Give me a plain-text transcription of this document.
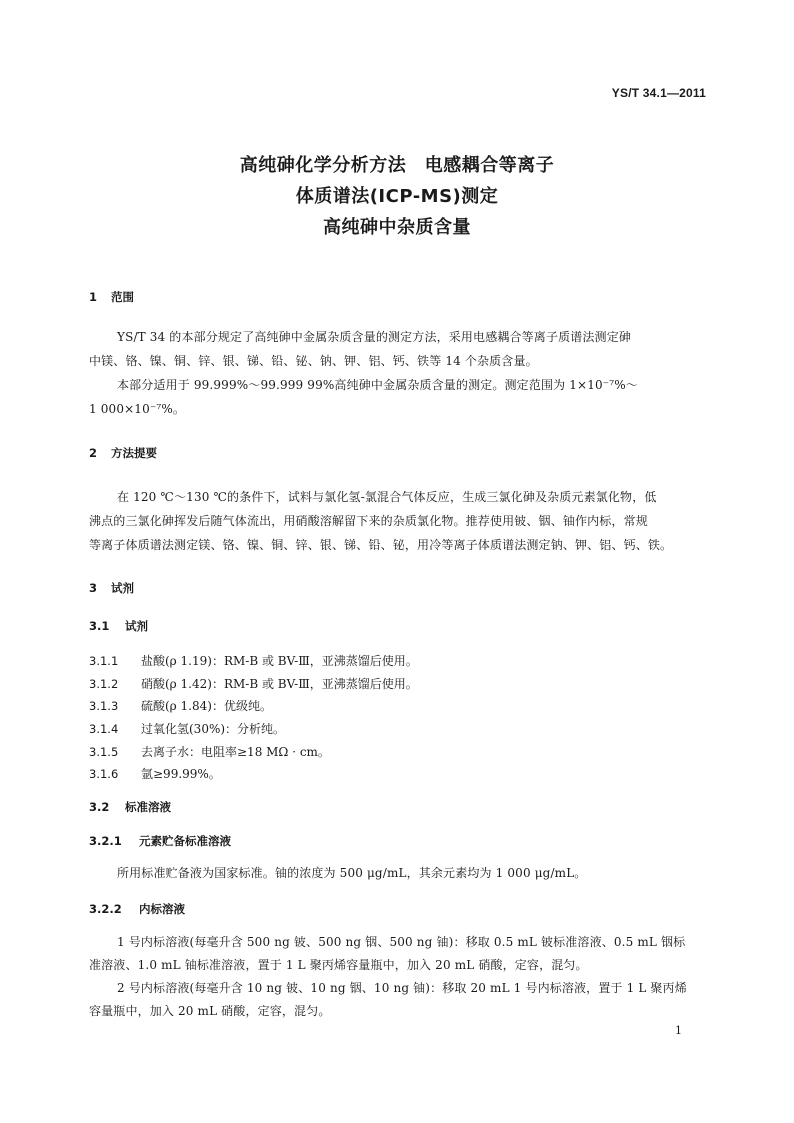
YS/T 34.1—2011
高纯砷化学分析方法　电感耦合等离子
体质谱法(ICP-MS)测定
高纯砷中杂质含量
1 范围
YS/T 34 的本部分规定了高纯砷中金属杂质含量的测定方法，采用电感耦合等离子质谱法测定砷
中镁、铬、镍、铜、锌、银、锑、铅、铋、钠、钾、铝、钙、铁等 14 个杂质含量。
本部分适用于 99.999%～99.999 99%高纯砷中金属杂质含量的测定。测定范围为 1×10⁻⁷%～
1 000×10⁻⁷%。
2 方法提要
在 120 ℃～130 ℃的条件下，试料与氯化氢-氯混合气体反应，生成三氯化砷及杂质元素氯化物，低
沸点的三氯化砷挥发后随气体流出，用硝酸溶解留下来的杂质氯化物。推荐使用铍、铟、铀作内标，常规
等离子体质谱法测定镁、铬、镍、铜、锌、银、锑、铅、铋，用冷等离子体质谱法测定钠、钾、铝、钙、铁。
3 试剂
3.1 试剂
3.1.1 盐酸(ρ 1.19)：RM-B 或 BV-Ⅲ，亚沸蒸馏后使用。
3.1.2 硝酸(ρ 1.42)：RM-B 或 BV-Ⅲ，亚沸蒸馏后使用。
3.1.3 硫酸(ρ 1.84)：优级纯。
3.1.4 过氧化氢(30%)：分析纯。
3.1.5 去离子水：电阻率≥18 MΩ · cm。
3.1.6 氩≥99.99%。
3.2 标准溶液
3.2.1 元素贮备标准溶液
所用标准贮备液为国家标准。铀的浓度为 500 μg/mL，其余元素均为 1 000 μg/mL。
3.2.2 内标溶液
1 号内标溶液(每毫升含 500 ng 铍、500 ng 铟、500 ng 铀)：移取 0.5 mL 铍标准溶液、0.5 mL 铟标
准溶液、1.0 mL 铀标准溶液，置于 1 L 聚丙烯容量瓶中，加入 20 mL 硝酸，定容，混匀。
2 号内标溶液(每毫升含 10 ng 铍、10 ng 铟、10 ng 铀)：移取 20 mL 1 号内标溶液，置于 1 L 聚丙烯
容量瓶中，加入 20 mL 硝酸，定容，混匀。
1
